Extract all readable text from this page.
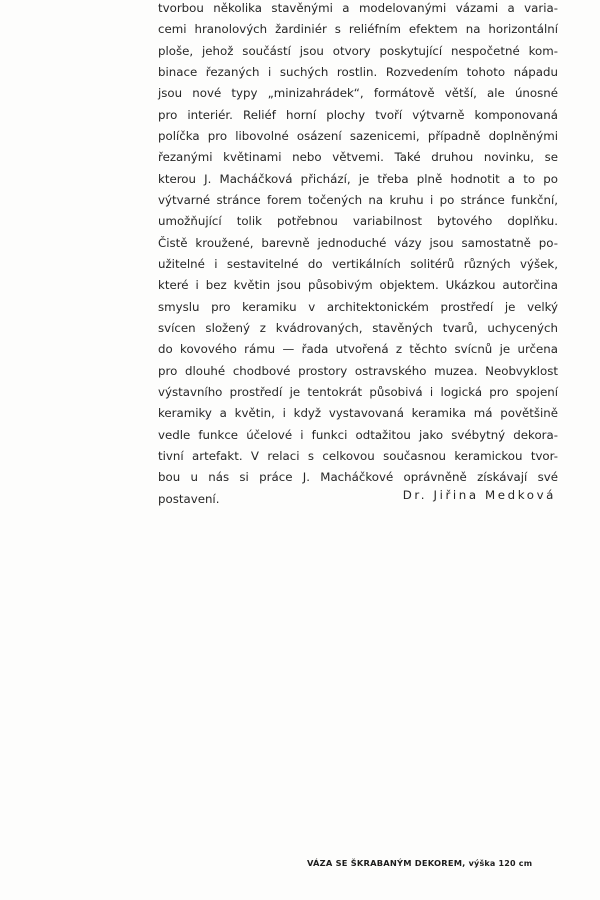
tvorbou několika stavěnými a modelovanými vázami a varia-
cemi hranolových žardiniér s reliéfním efektem na horizontální
ploše, jehož součástí jsou otvory poskytující nespočetné kom-
binace řezaných i suchých rostlin. Rozvedením tohoto nápadu
jsou nové typy „minizahrádek“, formátově větší, ale únosné
pro interiér. Reliéf horní plochy tvoří výtvarně komponovaná
políčka pro libovolné osázení sazenicemi, případně doplněnými
řezanými květinami nebo větvemi. Také druhou novinku, se
kterou J. Macháčková přichází, je třeba plně hodnotit a to po
výtvarné stránce forem točených na kruhu i po stránce funkční,
umožňující tolik potřebnou variabilnost bytového doplňku.
Čistě kroužené, barevně jednoduché vázy jsou samostatně po-
užitelné i sestavitelné do vertikálních solitérů různých výšek,
které i bez květin jsou působivým objektem. Ukázkou autorčina
smyslu pro keramiku v architektonickém prostředí je velký
svícen složený z kvádrovaných, stavěných tvarů, uchycených
do kovového rámu — řada utvořená z těchto svícnů je určena
pro dlouhé chodbové prostory ostravského muzea. Neobvyklost
výstavního prostředí je tentokrát působivá i logická pro spojení
keramiky a květin, i když vystavovaná keramika má povětšině
vedle funkce účelové i funkci odtažitou jako svébytný dekora-
tivní artefakt. V relaci s celkovou současnou keramickou tvor-
bou u nás si práce J. Macháčkové oprávněně získávají své
postavení.	Dr. Jiřina Medková
VÁZA SE ŠKRABANÝM DEKOREM, výška 120 cm
